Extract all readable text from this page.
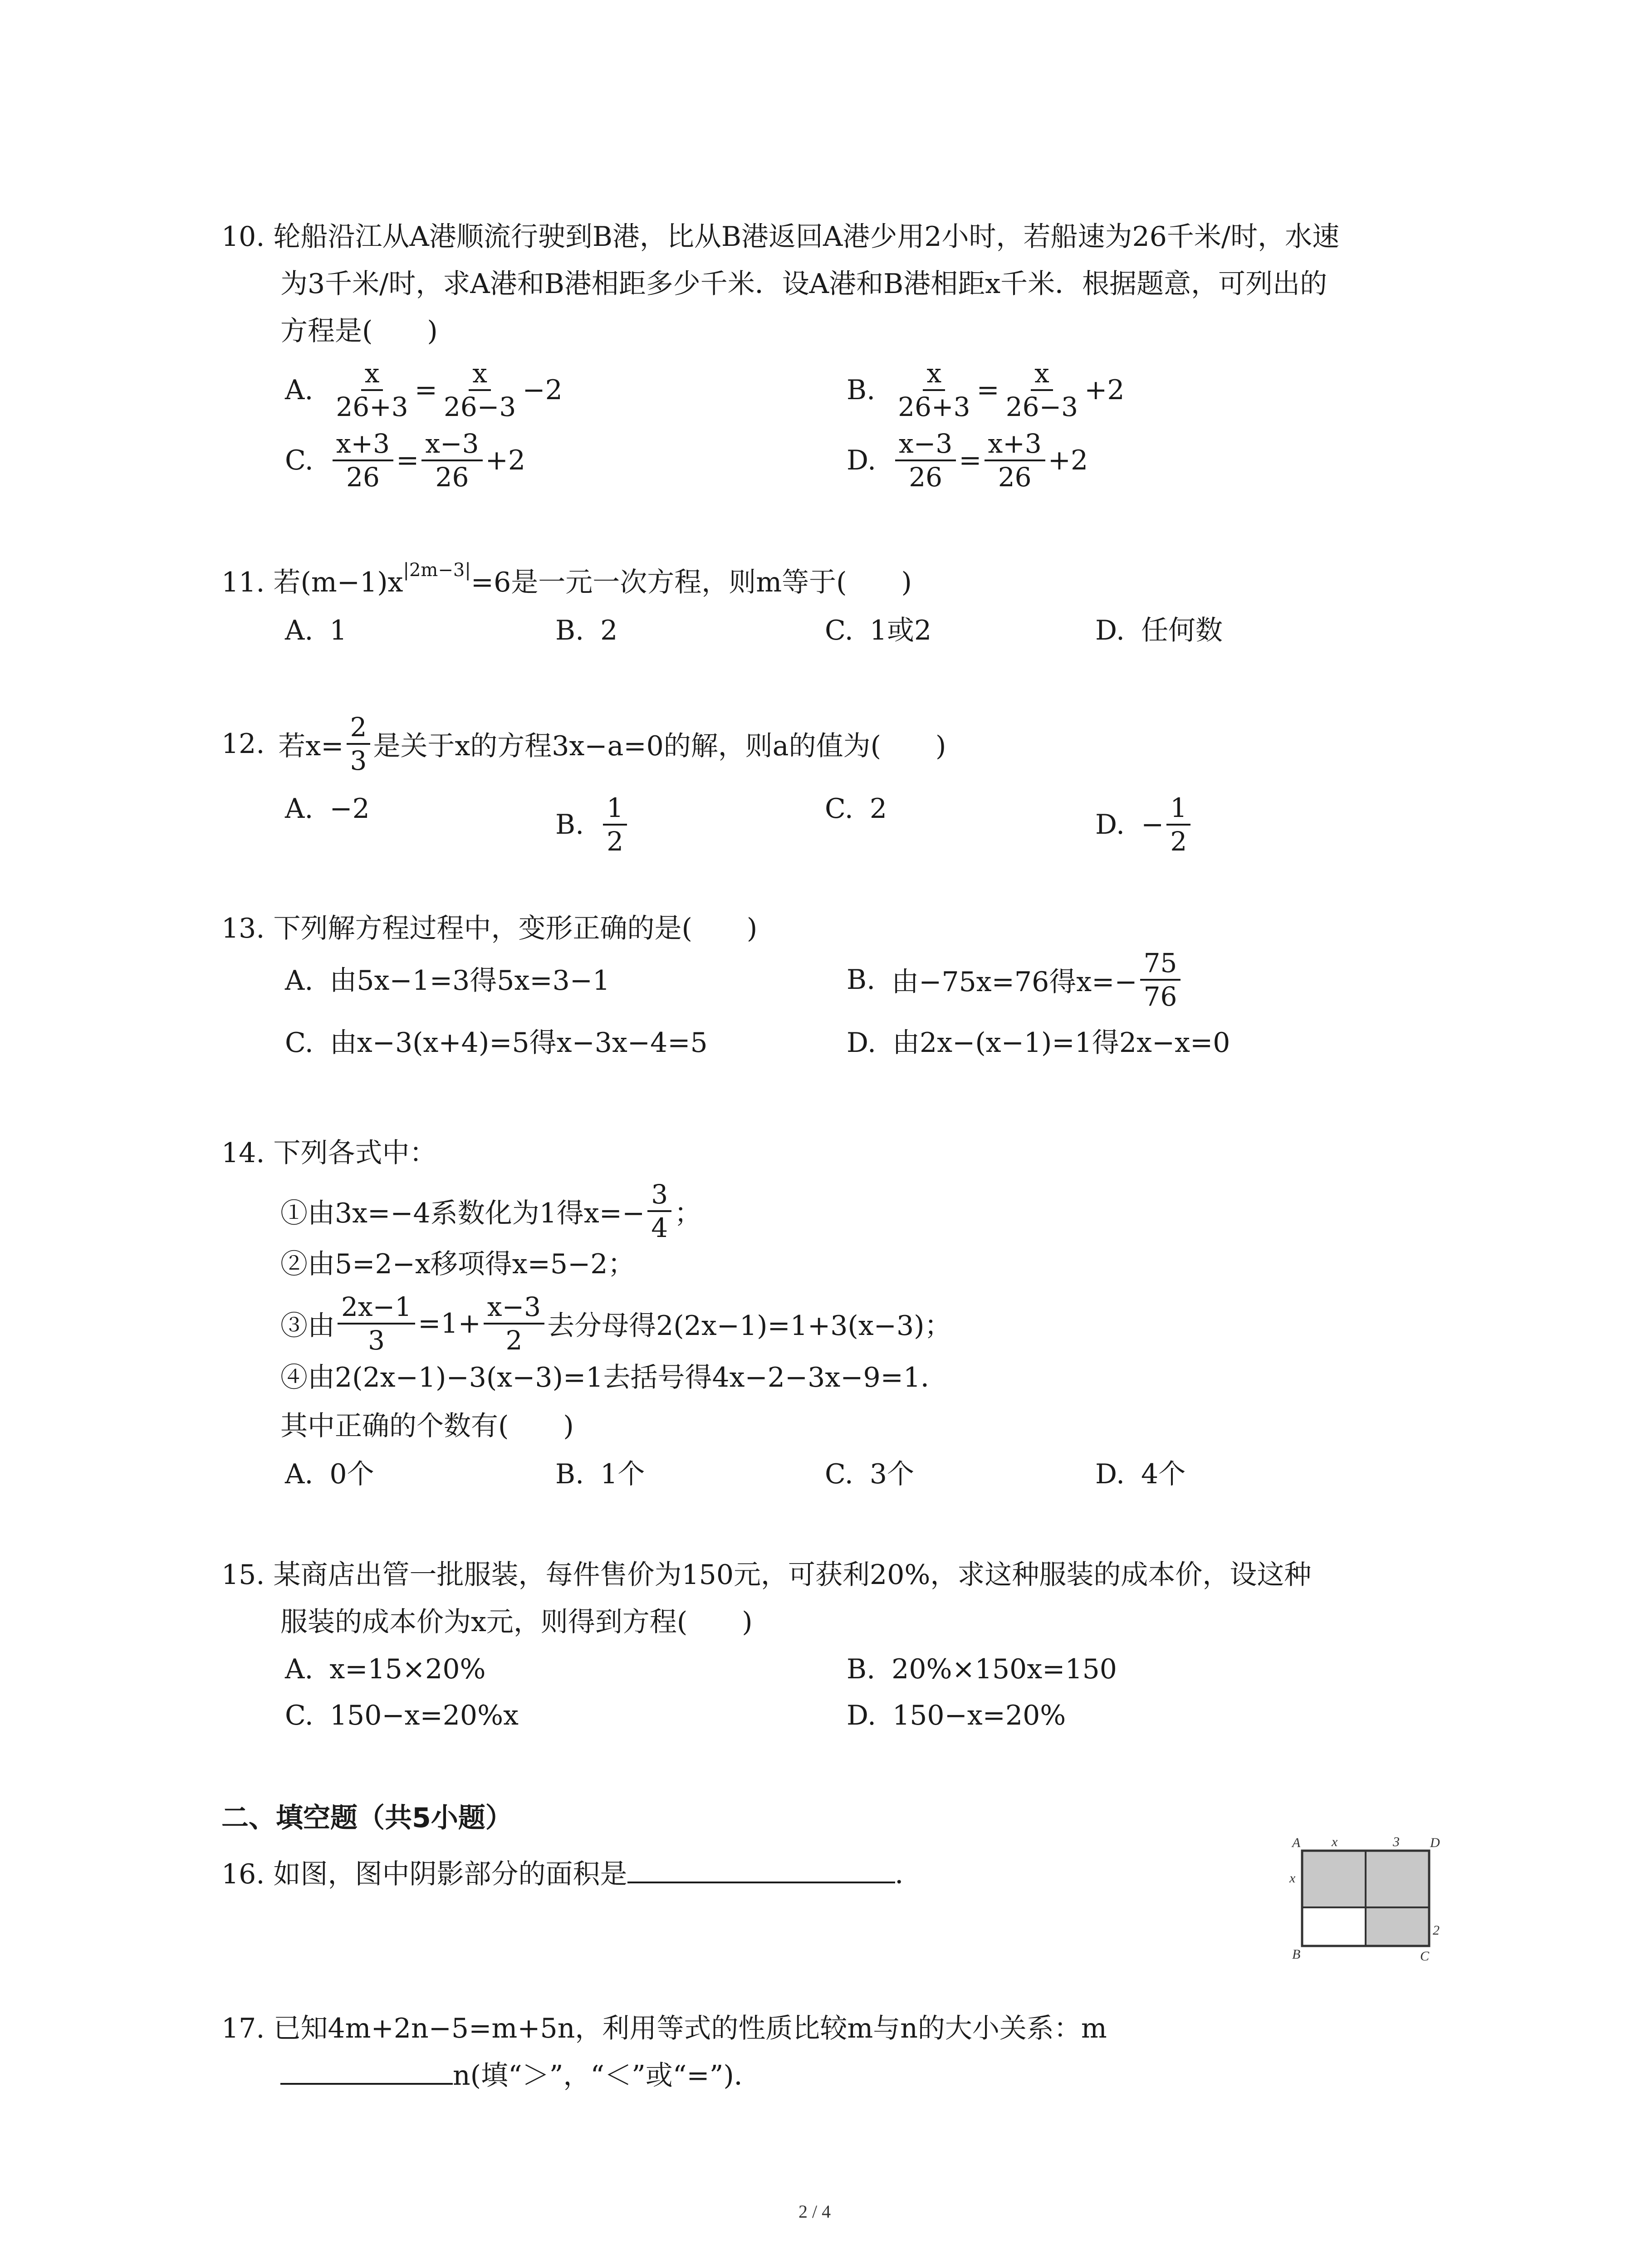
10. 轮船沿江从A港顺流行驶到B港，比从B港返回A港少用2小时，若船速为26千米/时，水速
为3千米/时，求A港和B港相距多少千米．设A港和B港相距x千米．根据题意，可列出的
方程是(　　)
A. $\frac{x}{26+3} = \frac{x}{26-3} -2$	B. $\frac{x}{26+3} = \frac{x}{26-3} +2$
C. $\frac{x+3}{26} = \frac{x-3}{26} +2$	D. $\frac{x-3}{26} = \frac{x+3}{26} +2$
11. 若$(m-1)x^{|2m-3|}=6$是一元一次方程，则m等于(　　)
A. 1	B. 2	C. 1或2	D. 任何数
12. 若$x= \frac{2}{3}$ 是关于x的方程3x−a=0的解，则a的值为(　　)
A. −2	B. $\frac{1}{2}$	C. 2	D. − $\frac{1}{2}$
13. 下列解方程过程中，变形正确的是(　　)
A. 由5x−1=3得5x=3−1	B. 由−75x=76得$x=- \frac{75}{76}$
C. 由x−3(x+4)=5得x−3x−4=5	D. 由2x−(x−1)=1得2x−x=0
14. 下列各式中：
①由3x=−4系数化为1得$x=- \frac{3}{4}$ ；
②由5=2−x移项得x=5−2；
③由 $\frac{2x-1}{3} =1+ \frac{x-3}{2}$ 去分母得2(2x−1)=1+3(x−3)；
④由2(2x−1)−3(x−3)=1去括号得4x−2−3x−9=1．
其中正确的个数有(　　)
A. 0个	B. 1个	C. 3个	D. 4个
15. 某商店出管一批服装，每件售价为150元，可获利20%，求这种服装的成本价，设这种
服装的成本价为x元，则得到方程(　　)
A. x=15×20%	B. 20%×150x=150
C. 150−x=20%x	D. 150−x=20%
二、填空题（共5小题）
16. 如图，图中阴影部分的面积是	．
A	D
B	C
x	3
x
2
17. 已知4m+2n−5=m+5n，利用等式的性质比较m与n的大小关系：m
n(填“＞”，“＜”或“=”)．
2 / 4
